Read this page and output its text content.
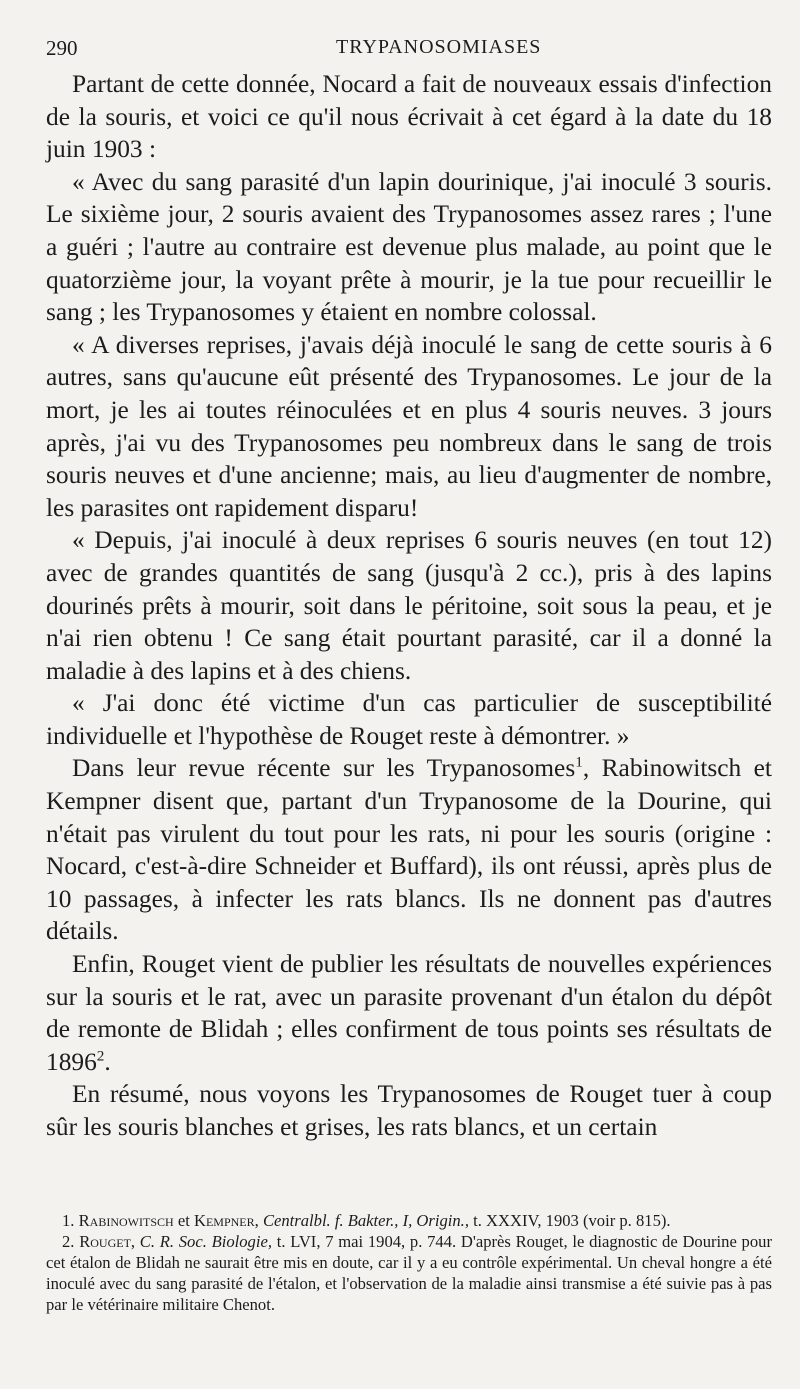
290	TRYPANOSOMIASES

Partant de cette donnée, Nocard a fait de nouveaux essais d'infection de la souris, et voici ce qu'il nous écrivait à cet égard à la date du 18 juin 1903 :

« Avec du sang parasité d'un lapin dourinique, j'ai inoculé 3 souris. Le sixième jour, 2 souris avaient des Trypanosomes assez rares ; l'une a guéri ; l'autre au contraire est devenue plus malade, au point que le quatorzième jour, la voyant prête à mourir, je la tue pour recueillir le sang ; les Trypanosomes y étaient en nombre colossal.

« A diverses reprises, j'avais déjà inoculé le sang de cette souris à 6 autres, sans qu'aucune eût présenté des Trypanosomes. Le jour de la mort, je les ai toutes réinoculées et en plus 4 souris neuves. 3 jours après, j'ai vu des Trypanosomes peu nombreux dans le sang de trois souris neuves et d'une ancienne; mais, au lieu d'augmenter de nombre, les parasites ont rapidement disparu!

« Depuis, j'ai inoculé à deux reprises 6 souris neuves (en tout 12) avec de grandes quantités de sang (jusqu'à 2 cc.), pris à des lapins dourinés prêts à mourir, soit dans le péritoine, soit sous la peau, et je n'ai rien obtenu ! Ce sang était pourtant parasité, car il a donné la maladie à des lapins et à des chiens.

« J'ai donc été victime d'un cas particulier de susceptibilité individuelle et l'hypothèse de Rouget reste à démontrer. »

Dans leur revue récente sur les Trypanosomes$^1$, Rabinowitsch et Kempner disent que, partant d'un Trypanosome de la Dourine, qui n'était pas virulent du tout pour les rats, ni pour les souris (origine : Nocard, c'est-à-dire Schneider et Buffard), ils ont réussi, après plus de 10 passages, à infecter les rats blancs. Ils ne donnent pas d'autres détails.

Enfin, Rouget vient de publier les résultats de nouvelles expériences sur la souris et le rat, avec un parasite provenant d'un étalon du dépôt de remonte de Blidah ; elles confirment de tous points ses résultats de 1896$^2$.

En résumé, nous voyons les Trypanosomes de Rouget tuer à coup sûr les souris blanches et grises, les rats blancs, et un certain

1. Rabinowitsch et Kempner, Centralbl. f. Bakter., I, Origin., t. XXXIV, 1903 (voir p. 815).

2. Rouget, C. R. Soc. Biologie, t. LVI, 7 mai 1904, p. 744. D'après Rouget, le diagnostic de Dourine pour cet étalon de Blidah ne saurait être mis en doute, car il y a eu contrôle expérimental. Un cheval hongre a été inoculé avec du sang parasité de l'étalon, et l'observation de la maladie ainsi transmise a été suivie pas à pas par le vétérinaire militaire Chenot.
